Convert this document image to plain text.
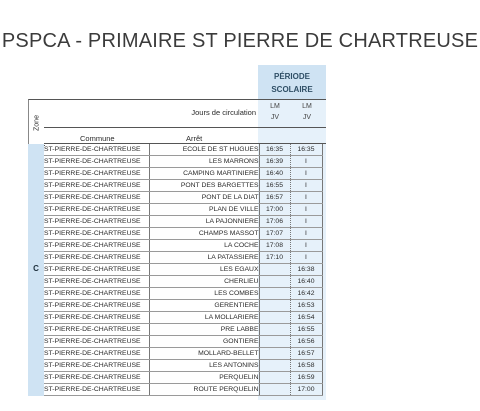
PSPCA - PRIMAIRE ST PIERRE DE CHARTREUSE
PÉRIODE
SCOLAIRE
Zone
C
Jours de circulation
LM
JV
LM
JV
Commune	Arrêt
ST-PIERRE-DE-CHARTREUSE	ECOLE DE ST HUGUES	16:35	16:35
ST-PIERRE-DE-CHARTREUSE	LES MARRONS	16:39	I
ST-PIERRE-DE-CHARTREUSE	CAMPING MARTINIERE	16:40	I
ST-PIERRE-DE-CHARTREUSE	PONT DES BARGETTES	16:55	I
ST-PIERRE-DE-CHARTREUSE	PONT DE LA DIAT	16:57	I
ST-PIERRE-DE-CHARTREUSE	PLAN DE VILLE	17:00	I
ST-PIERRE-DE-CHARTREUSE	LA PAJONNIERE	17:06	I
ST-PIERRE-DE-CHARTREUSE	CHAMPS MASSOT	17:07	I
ST-PIERRE-DE-CHARTREUSE	LA COCHE	17:08	I
ST-PIERRE-DE-CHARTREUSE	LA PATASSIERE	17:10	I
ST-PIERRE-DE-CHARTREUSE	LES EGAUX		16:38
ST-PIERRE-DE-CHARTREUSE	CHERLIEU		16:40
ST-PIERRE-DE-CHARTREUSE	LES COMBES		16:42
ST-PIERRE-DE-CHARTREUSE	GERENTIERE		16:53
ST-PIERRE-DE-CHARTREUSE	LA MOLLARIERE		16:54
ST-PIERRE-DE-CHARTREUSE	PRE LABBE		16:55
ST-PIERRE-DE-CHARTREUSE	GONTIERE		16:56
ST-PIERRE-DE-CHARTREUSE	MOLLARD-BELLET		16:57
ST-PIERRE-DE-CHARTREUSE	LES ANTONINS		16:58
ST-PIERRE-DE-CHARTREUSE	PERQUELIN		16:59
ST-PIERRE-DE-CHARTREUSE	ROUTE PERQUELIN		17:00
